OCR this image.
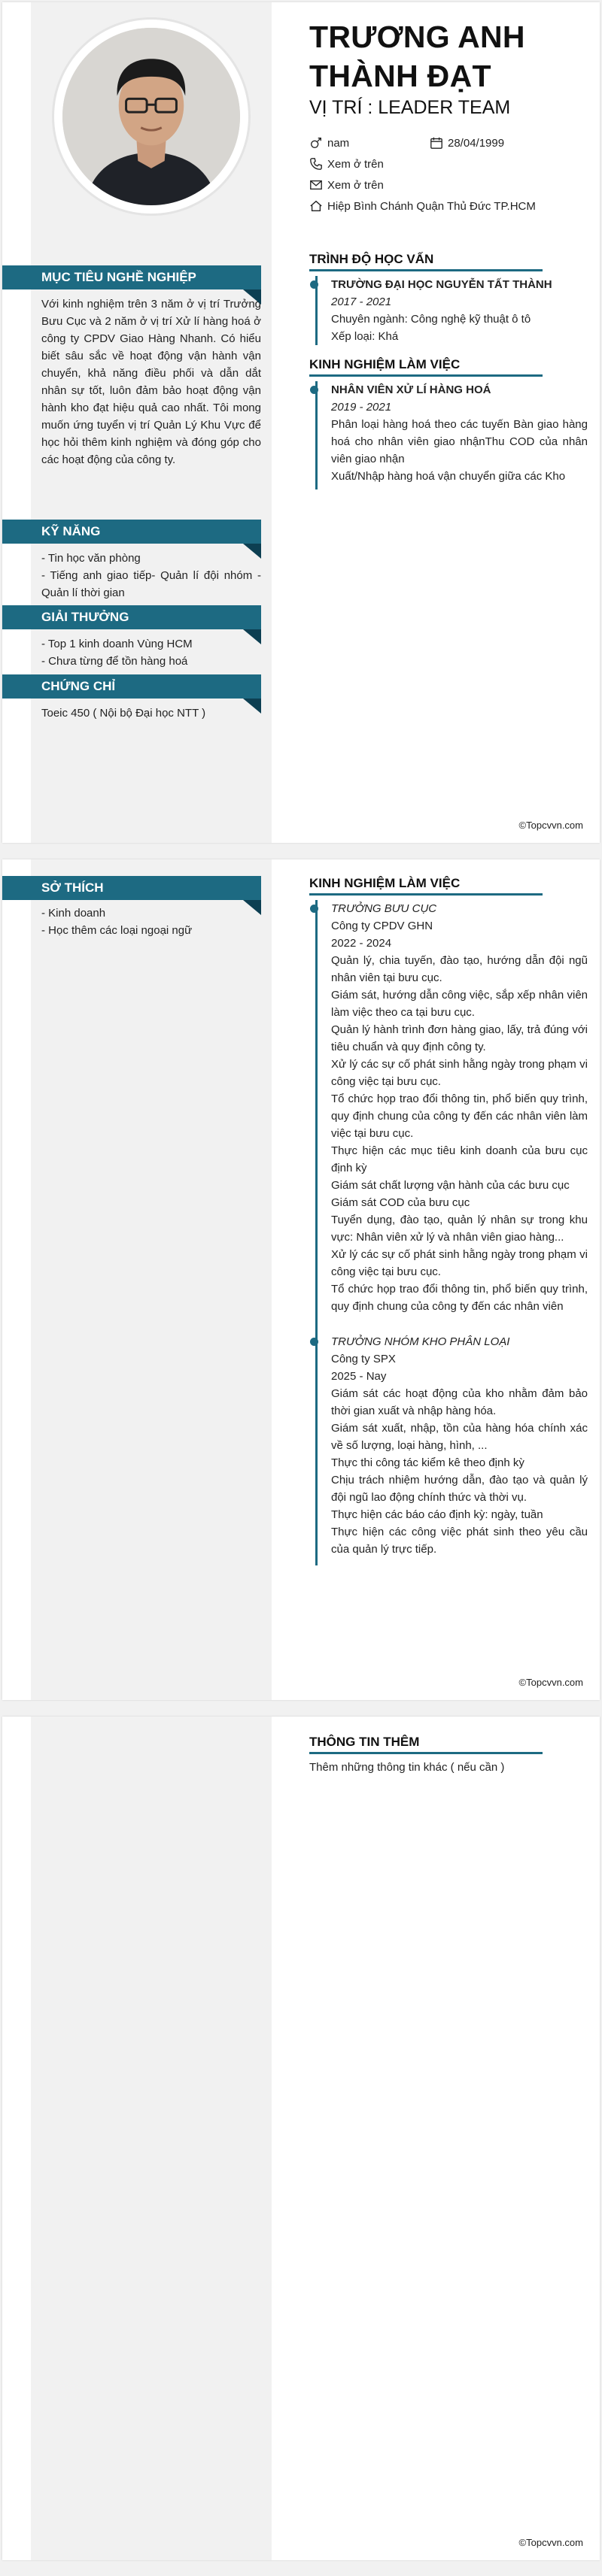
TRƯƠNG ANH
THÀNH ĐẠT
VỊ TRÍ : LEADER TEAM
nam	28/04/1999
Xem ở trên
Xem ở trên
Hiệp Bình Chánh Quận Thủ Đức TP.HCM
TRÌNH ĐỘ HỌC VẤN
TRƯỜNG ĐẠI HỌC NGUYỄN TẤT THÀNH
2017 - 2021
Chuyên ngành: Công nghệ kỹ thuật ô tô
Xếp loại: Khá
KINH NGHIỆM LÀM VIỆC
NHÂN VIÊN XỬ LÍ HÀNG HOÁ
2019 - 2021
Phân loại hàng hoá theo các tuyến Bàn giao hàng hoá cho nhân viên giao nhậnThu COD của nhân viên giao nhận
Xuất/Nhập hàng hoá vận chuyển giữa các Kho
MỤC TIÊU NGHỀ NGHIỆP
Với kinh nghiệm trên 3 năm ở vị trí Trưởng Bưu Cục và 2 năm ở vị trí Xử lí hàng hoá ở công ty CPDV Giao Hàng Nhanh. Có hiểu biết sâu sắc về hoạt động vận hành vận chuyển, khả năng điều phối và dẫn dắt nhân sự tốt, luôn đảm bảo hoạt động vận hành kho đạt hiệu quả cao nhất. Tôi mong muốn ứng tuyển vị trí Quản Lý Khu Vực để học hỏi thêm kinh nghiệm và đóng góp cho các hoạt động của công ty.
KỸ NĂNG
- Tin học văn phòng
- Tiếng anh giao tiếp- Quản lí đội nhóm - Quản lí thời gian
GIẢI THƯỞNG
- Top 1 kinh doanh Vùng HCM
- Chưa từng để tồn hàng hoá
CHỨNG CHỈ
Toeic 450 ( Nội bộ Đại học NTT )
©Topcvvn.com
SỞ THÍCH
- Kinh doanh
- Học thêm các loại ngoại ngữ
KINH NGHIỆM LÀM VIỆC
TRƯỞNG BƯU CỤC
Công ty CPDV GHN
2022 - 2024
Quản lý, chia tuyến, đào tạo, hướng dẫn đội ngũ nhân viên tại bưu cục.
Giám sát, hướng dẫn công việc, sắp xếp nhân viên làm việc theo ca tại bưu cục.
Quản lý hành trình đơn hàng giao, lấy, trả đúng với tiêu chuẩn và quy định công ty.
Xử lý các sự cố phát sinh hằng ngày trong phạm vi công việc tại bưu cục.
Tổ chức họp trao đổi thông tin, phổ biến quy trình, quy định chung của công ty đến các nhân viên làm việc tại bưu cục.
Thực hiện các mục tiêu kinh doanh của bưu cục định kỳ
Giám sát chất lượng vận hành của các bưu cục
Giám sát COD của bưu cục
Tuyển dụng, đào tạo, quản lý nhân sự trong khu vực: Nhân viên xử lý và nhân viên giao hàng...
Xử lý các sự cố phát sinh hằng ngày trong phạm vi công việc tại bưu cục.
Tổ chức họp trao đổi thông tin, phổ biến quy trình, quy định chung của công ty đến các nhân viên
TRƯỞNG NHÓM KHO PHÂN LOẠI
Công ty SPX
2025 - Nay
Giám sát các hoạt động của kho nhằm đảm bảo thời gian xuất và nhập hàng hóa.
Giám sát xuất, nhập, tồn của hàng hóa chính xác về số lượng, loại hàng, hình, ...
Thực thi công tác kiểm kê theo định kỳ
Chịu trách nhiệm hướng dẫn, đào tạo và quản lý đội ngũ lao động chính thức và thời vụ.
Thực hiện các báo cáo định kỳ: ngày, tuần
Thực hiện các công việc phát sinh theo yêu cầu của quản lý trực tiếp.
©Topcvvn.com
THÔNG TIN THÊM
Thêm những thông tin khác ( nếu cần )
©Topcvvn.com
